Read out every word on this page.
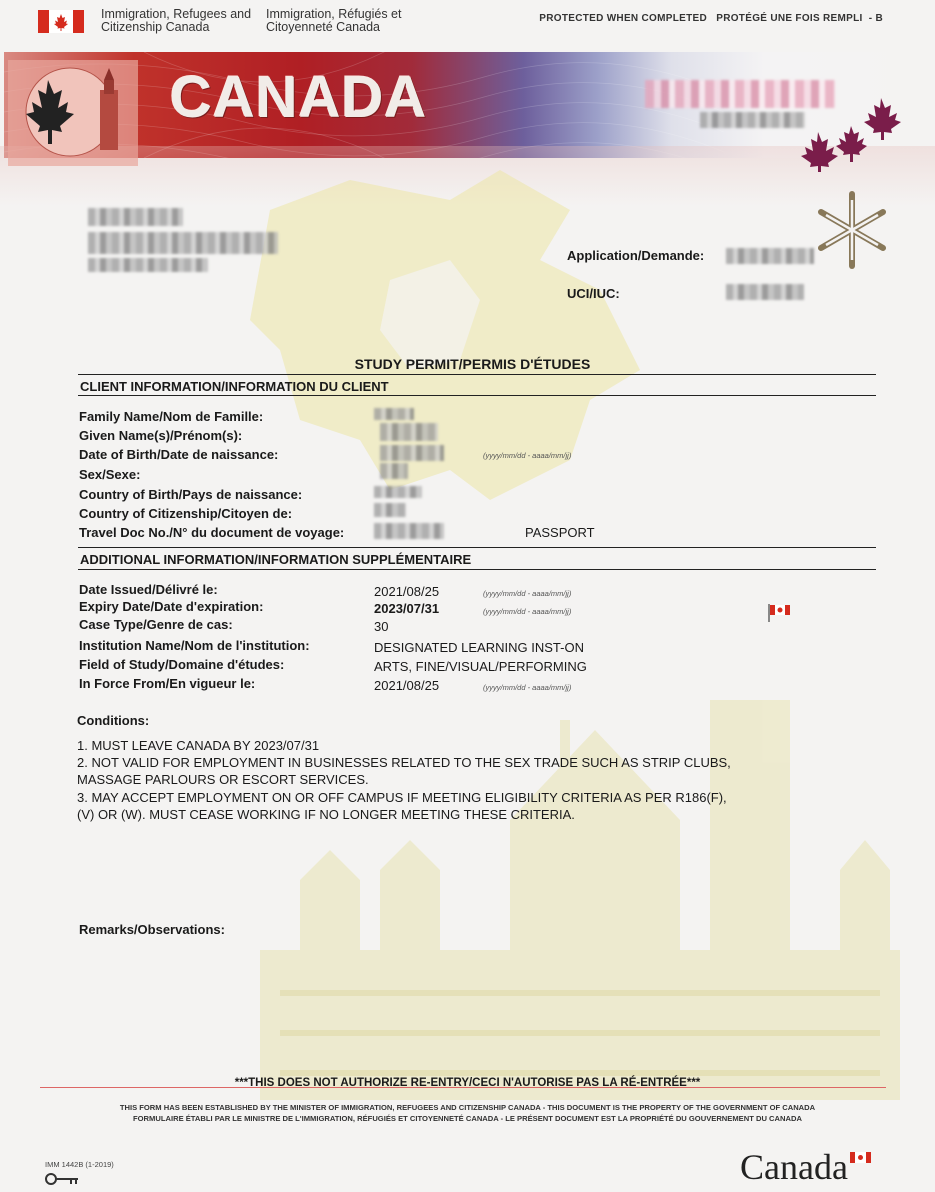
Immigration, Refugees and
Citizenship Canada
Immigration, Réfugiés et
Citoyenneté Canada
PROTECTED WHEN COMPLETED   PROTÉGÉ UNE FOIS REMPLI  - B
CANADA
Application/Demande:
UCI/IUC:
STUDY PERMIT/PERMIS D'ÉTUDES
CLIENT INFORMATION/INFORMATION DU CLIENT
Family Name/Nom de Famille:
Given Name(s)/Prénom(s):
Date of Birth/Date de naissance:	(yyyy/mm/dd - aaaa/mm/jj)
Sex/Sexe:
Country of Birth/Pays de naissance:
Country of Citizenship/Citoyen de:
Travel Doc No./N° du document de voyage:	PASSPORT
ADDITIONAL INFORMATION/INFORMATION SUPPLÉMENTAIRE
Date Issued/Délivré le:	2021/08/25	(yyyy/mm/dd - aaaa/mm/jj)
Expiry Date/Date d'expiration:	2023/07/31	(yyyy/mm/dd - aaaa/mm/jj)
Case Type/Genre de cas:	30
Institution Name/Nom de l'institution:	DESIGNATED LEARNING INST-ON
Field of Study/Domaine d'études:	ARTS, FINE/VISUAL/PERFORMING
In Force From/En vigueur le:	2021/08/25	(yyyy/mm/dd - aaaa/mm/jj)
Conditions:
1. MUST LEAVE CANADA BY 2023/07/31
2. NOT VALID FOR EMPLOYMENT IN BUSINESSES RELATED TO THE SEX TRADE SUCH AS STRIP CLUBS,
MASSAGE PARLOURS OR ESCORT SERVICES.
3. MAY ACCEPT EMPLOYMENT ON OR OFF CAMPUS IF MEETING ELIGIBILITY CRITERIA AS PER R186(F),
(V) OR (W). MUST CEASE WORKING IF NO LONGER MEETING THESE CRITERIA.
Remarks/Observations:
***THIS DOES NOT AUTHORIZE RE-ENTRY/CECI N'AUTORISE PAS LA RÉ-ENTRÉE***
THIS FORM HAS BEEN ESTABLISHED BY THE MINISTER OF IMMIGRATION, REFUGEES AND CITIZENSHIP CANADA - THIS DOCUMENT IS THE PROPERTY OF THE GOVERNMENT OF CANADA
FORMULAIRE ÉTABLI PAR LE MINISTRE DE L'IMMIGRATION, RÉFUGIÉS ET CITOYENNETÉ CANADA - LE PRÉSENT DOCUMENT EST LA PROPRIÉTÉ DU GOUVERNEMENT DU CANADA
IMM 1442B (1-2019)	Canada
